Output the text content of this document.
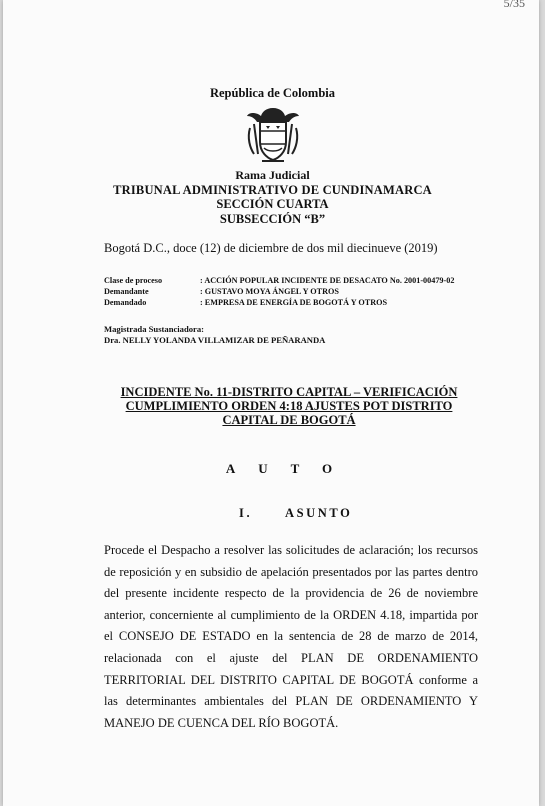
5/35
República de Colombia
Rama Judicial
TRIBUNAL ADMINISTRATIVO DE CUNDINAMARCA
SECCIÓN CUARTA
SUBSECCIÓN “B”
Bogotá D.C., doce (12) de diciembre de dos mil diecinueve (2019)
Clase de proceso	: ACCIÓN POPULAR INCIDENTE DE DESACATO No. 2001-00479-02
Demandante	: GUSTAVO MOYA ÁNGEL Y OTROS
Demandado	: EMPRESA DE ENERGÍA DE BOGOTÁ Y OTROS
Magistrada Sustanciadora:
Dra. NELLY YOLANDA VILLAMIZAR DE PEÑARANDA
INCIDENTE No. 11-DISTRITO CAPITAL – VERIFICACIÓN CUMPLIMIENTO ORDEN 4:18 AJUSTES POT DISTRITO CAPITAL DE BOGOTÁ
AUTO
I.	ASUNTO

Procede el Despacho a resolver las solicitudes de aclaración; los recursos de reposición y en subsidio de apelación presentados por las partes dentro del presente incidente respecto de la providencia de 26 de noviembre anterior, concerniente al cumplimiento de la ORDEN 4.18, impartida por el CONSEJO DE ESTADO en la sentencia de 28 de marzo de 2014, relacionada con el ajuste del PLAN DE ORDENAMIENTO TERRITORIAL DEL DISTRITO CAPITAL DE BOGOTÁ conforme a las determinantes ambientales del PLAN DE ORDENAMIENTO Y MANEJO DE CUENCA DEL RÍO BOGOTÁ.
